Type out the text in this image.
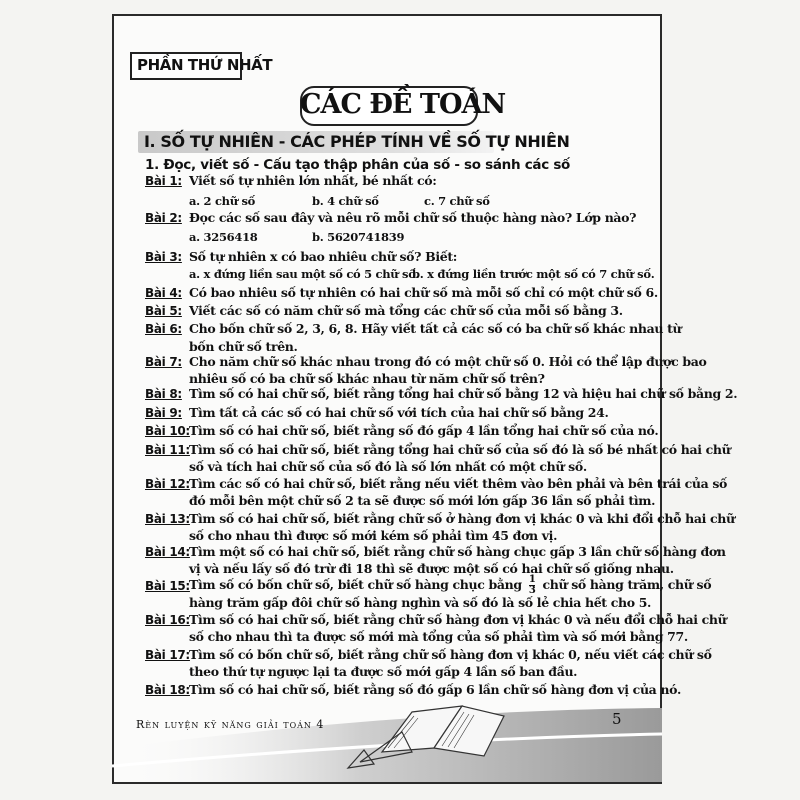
PHẦN THỨ NHẤT
CÁC ĐỀ TOÁN
I. SỐ TỰ NHIÊN - CÁC PHÉP TÍNH VỀ SỐ TỰ NHIÊN
1. Đọc, viết số - Cấu tạo thập phân của số - so sánh các số
Bài 1: Viết số tự nhiên lớn nhất, bé nhất có:
a. 2 chữ số	b. 4 chữ số	c. 7 chữ số
Bài 2: Đọc các số sau đây và nêu rõ mỗi chữ số thuộc hàng nào? Lớp nào?
a. 3256418	b. 5620741839
Bài 3: Số tự nhiên x có bao nhiêu chữ số? Biết:
a. x đứng liền sau một số có 5 chữ số.
b. x đứng liền trước một số có 7 chữ số.
Bài 4: Có bao nhiêu số tự nhiên có hai chữ số mà mỗi số chỉ có một chữ số 6.
Bài 5: Viết các số có năm chữ số mà tổng các chữ số của mỗi số bằng 3.
Bài 6: Cho bốn chữ số 2, 3, 6, 8. Hãy viết tất cả các số có ba chữ số khác nhau từ
bốn chữ số trên.
Bài 7: Cho năm chữ số khác nhau trong đó có một chữ số 0. Hỏi có thể lập được bao
nhiêu số có ba chữ số khác nhau từ năm chữ số trên?
Bài 8: Tìm số có hai chữ số, biết rằng tổng hai chữ số bằng 12 và hiệu hai chữ số bằng 2.
Bài 9: Tìm tất cả các số có hai chữ số với tích của hai chữ số bằng 24.
Bài 10: Tìm số có hai chữ số, biết rằng số đó gấp 4 lần tổng hai chữ số của nó.
Bài 11: Tìm số có hai chữ số, biết rằng tổng hai chữ số của số đó là số bé nhất có hai chữ
số và tích hai chữ số của số đó là số lớn nhất có một chữ số.
Bài 12: Tìm các số có hai chữ số, biết rằng nếu viết thêm vào bên phải và bên trái của số
đó mỗi bên một chữ số 2 ta sẽ được số mới lớn gấp 36 lần số phải tìm.
Bài 13: Tìm số có hai chữ số, biết rằng chữ số ở hàng đơn vị khác 0 và khi đổi chỗ hai chữ
số cho nhau thì được số mới kém số phải tìm 45 đơn vị.
Bài 14: Tìm một số có hai chữ số, biết rằng chữ số hàng chục gấp 3 lần chữ số hàng đơn
vị và nếu lấy số đó trừ đi 18 thì sẽ được một số có hai chữ số giống nhau.
Bài 15: Tìm số có bốn chữ số, biết chữ số hàng chục bằng $\frac{1}{3}$ chữ số hàng trăm, chữ số
hàng trăm gấp đôi chữ số hàng nghìn và số đó là số lẻ chia hết cho 5.
Bài 16: Tìm số có hai chữ số, biết rằng chữ số hàng đơn vị khác 0 và nếu đổi chỗ hai chữ
số cho nhau thì ta được số mới mà tổng của số phải tìm và số mới bằng 77.
Bài 17: Tìm số có bốn chữ số, biết rằng chữ số hàng đơn vị khác 0, nếu viết các chữ số
theo thứ tự ngược lại ta được số mới gấp 4 lần số ban đầu.
Bài 18: Tìm số có hai chữ số, biết rằng số đó gấp 6 lần chữ số hàng đơn vị của nó.
Rèn luyện kỹ năng giải toán 4	5
